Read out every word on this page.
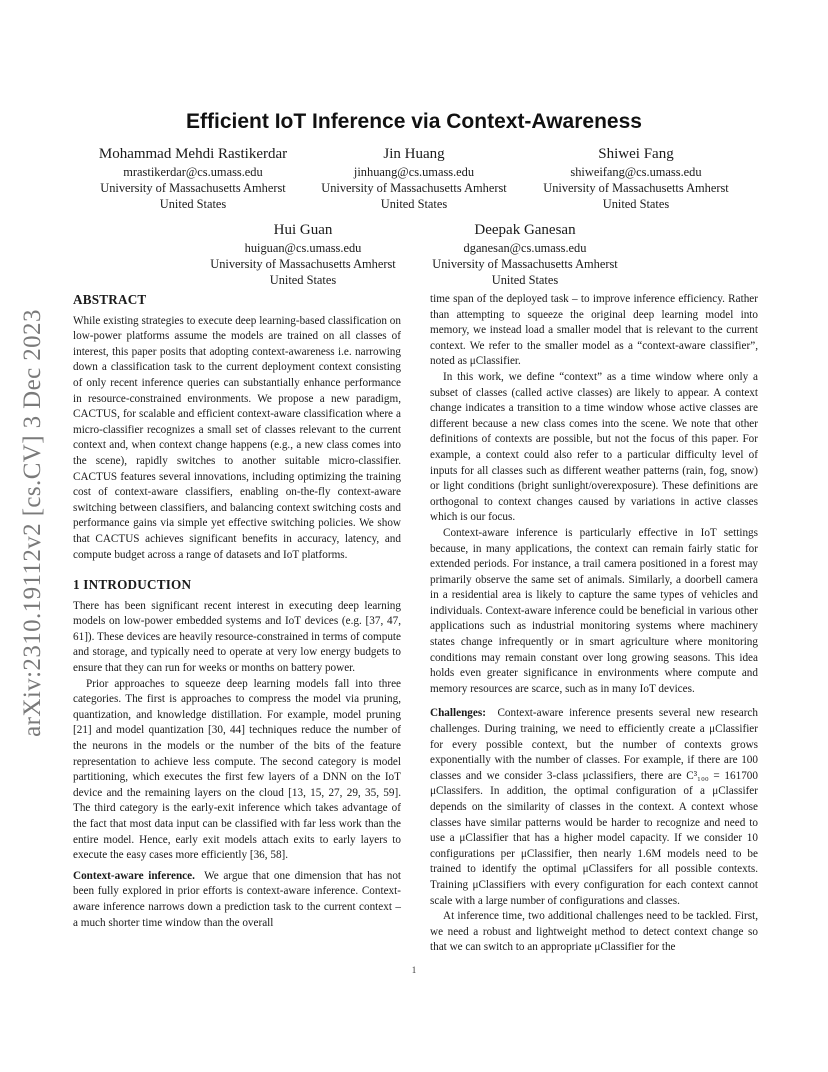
arXiv:2310.19112v2 [cs.CV] 3 Dec 2023
Efficient IoT Inference via Context-Awareness
Mohammad Mehdi Rastikerdar
mrastikerdar@cs.umass.edu
University of Massachusetts Amherst
United States
Jin Huang
jinhuang@cs.umass.edu
University of Massachusetts Amherst
United States
Shiwei Fang
shiweifang@cs.umass.edu
University of Massachusetts Amherst
United States
Hui Guan
huiguan@cs.umass.edu
University of Massachusetts Amherst
United States
Deepak Ganesan
dganesan@cs.umass.edu
University of Massachusetts Amherst
United States
ABSTRACT

While existing strategies to execute deep learning-based classification on low-power platforms assume the models are trained on all classes of interest, this paper posits that adopting context-awareness i.e. narrowing down a classification task to the current deployment context consisting of only recent inference queries can substantially enhance performance in resource-constrained environments. We propose a new paradigm, CACTUS, for scalable and efficient context-aware classification where a micro-classifier recognizes a small set of classes relevant to the current context and, when context change happens (e.g., a new class comes into the scene), rapidly switches to another suitable micro-classifier. CACTUS features several innovations, including optimizing the training cost of context-aware classifiers, enabling on-the-fly context-aware switching between classifiers, and balancing context switching costs and performance gains via simple yet effective switching policies. We show that CACTUS achieves significant benefits in accuracy, latency, and compute budget across a range of datasets and IoT platforms.

1 INTRODUCTION

There has been significant recent interest in executing deep learning models on low-power embedded systems and IoT devices (e.g. [37, 47, 61]). These devices are heavily resource-constrained in terms of compute and storage, and typically need to operate at very low energy budgets to ensure that they can run for weeks or months on battery power.

Prior approaches to squeeze deep learning models fall into three categories. The first is approaches to compress the model via pruning, quantization, and knowledge distillation. For example, model pruning [21] and model quantization [30, 44] techniques reduce the number of the neurons in the models or the number of the bits of the feature representation to achieve less compute. The second category is model partitioning, which executes the first few layers of a DNN on the IoT device and the remaining layers on the cloud [13, 15, 27, 29, 35, 59]. The third category is the early-exit inference which takes advantage of the fact that most data input can be classified with far less work than the entire model. Hence, early exit models attach exits to early layers to execute the easy cases more efficiently [36, 58].

Context-aware inference. We argue that one dimension that has not been fully explored in prior efforts is context-aware inference. Context-aware inference narrows down a prediction task to the current context – a much shorter time window than the overall

time span of the deployed task – to improve inference efficiency. Rather than attempting to squeeze the original deep learning model into memory, we instead load a smaller model that is relevant to the current context. We refer to the smaller model as a “context-aware classifier”, noted as μClassifier.

In this work, we define “context” as a time window where only a subset of classes (called active classes) are likely to appear. A context change indicates a transition to a time window whose active classes are different because a new class comes into the scene. We note that other definitions of contexts are possible, but not the focus of this paper. For example, a context could also refer to a particular difficulty level of inputs for all classes such as different weather patterns (rain, fog, snow) or light conditions (bright sunlight/overexposure). These definitions are orthogonal to context changes caused by variations in active classes which is our focus.

Context-aware inference is particularly effective in IoT settings because, in many applications, the context can remain fairly static for extended periods. For instance, a trail camera positioned in a forest may primarily observe the same set of animals. Similarly, a doorbell camera in a residential area is likely to capture the same types of vehicles and individuals. Context-aware inference could be beneficial in various other applications such as industrial monitoring systems where machinery states change infrequently or in smart agriculture where monitoring conditions may remain constant over long growing seasons. This idea holds even greater significance in environments where compute and memory resources are scarce, such as in many IoT devices.

Challenges: Context-aware inference presents several new research challenges. During training, we need to efficiently create a μClassifier for every possible context, but the number of contexts grows exponentially with the number of classes. For example, if there are 100 classes and we consider 3-class μclassifiers, there are C³₁₀₀ = 161700 μClassifers. In addition, the optimal configuration of a μClassifer depends on the similarity of classes in the context. A context whose classes have similar patterns would be harder to recognize and need to use a μClassifier that has a higher model capacity. If we consider 10 configurations per μClassifier, then nearly 1.6M models need to be trained to identify the optimal μClassifers for all possible contexts. Training μClassifiers with every configuration for each context cannot scale with a large number of configurations and classes.

At inference time, two additional challenges need to be tackled. First, we need a robust and lightweight method to detect context change so that we can switch to an appropriate μClassifier for the

1
